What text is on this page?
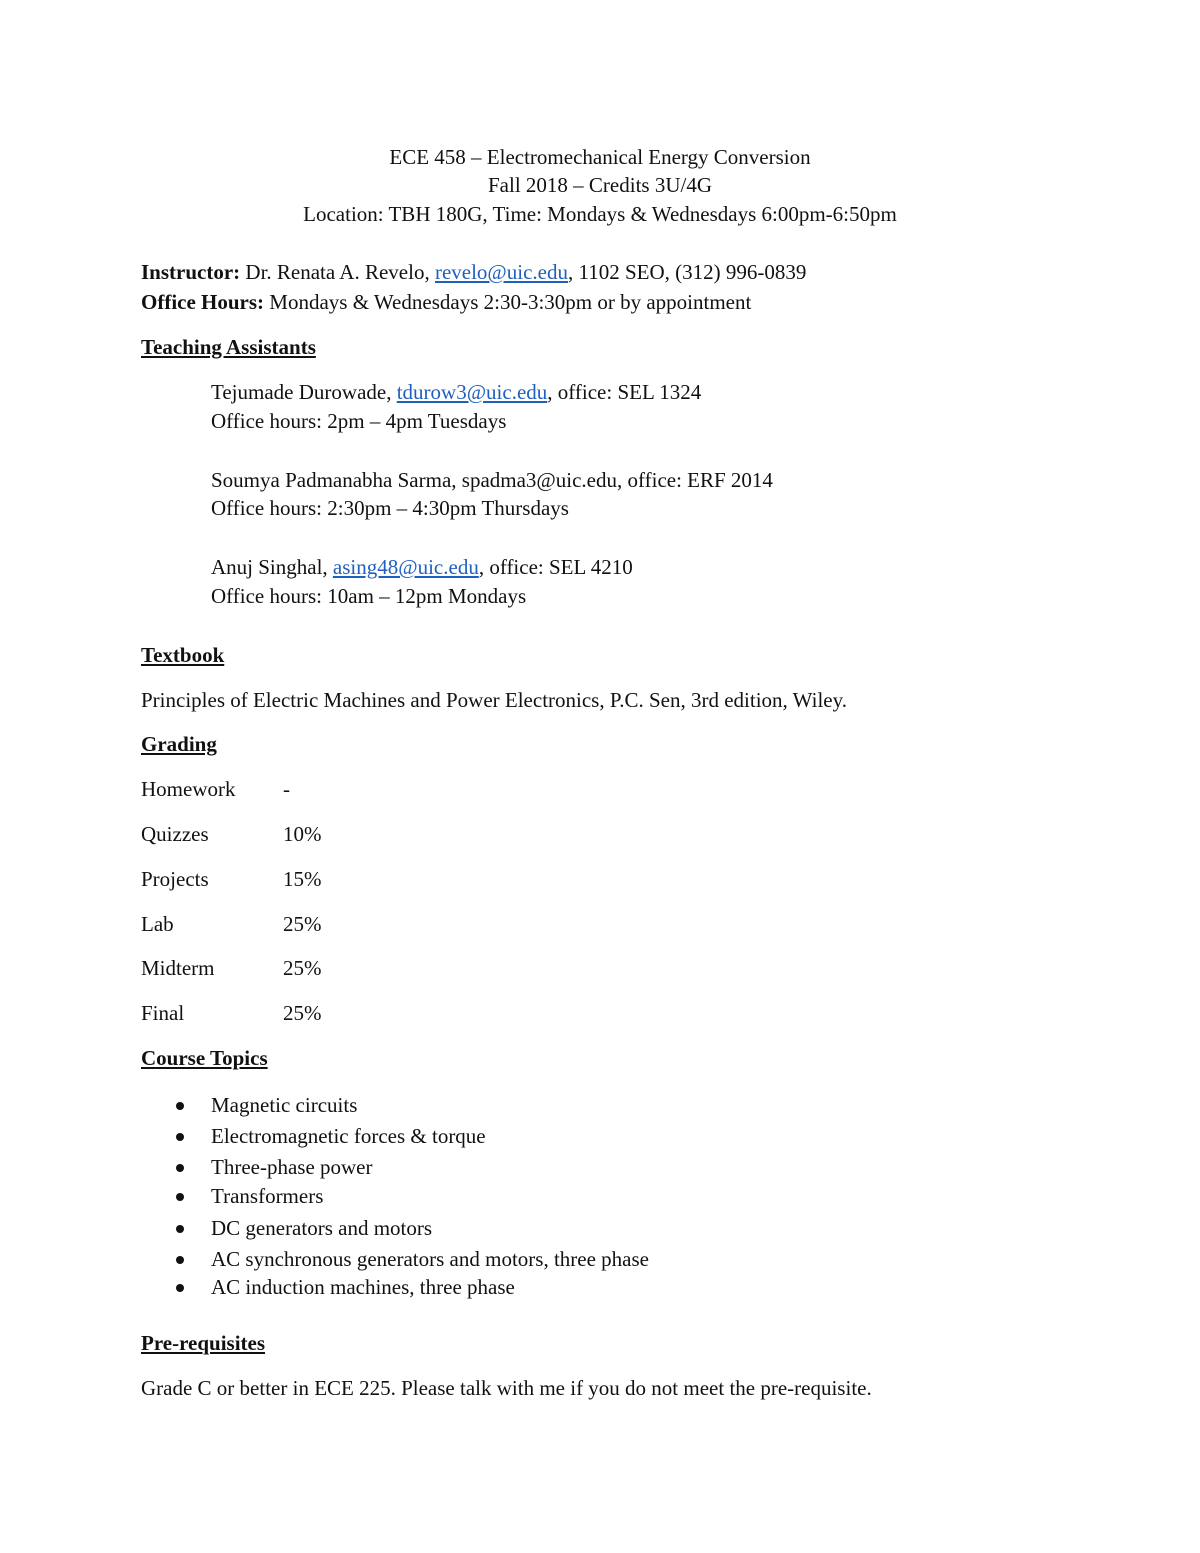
ECE 458 – Electromechanical Energy Conversion
Fall 2018 – Credits 3U/4G
Location: TBH 180G, Time: Mondays & Wednesdays 6:00pm-6:50pm
Instructor: Dr. Renata A. Revelo, revelo@uic.edu, 1102 SEO, (312) 996-0839
Office Hours: Mondays & Wednesdays 2:30-3:30pm or by appointment
Teaching Assistants
Tejumade Durowade, tdurow3@uic.edu, office: SEL 1324
Office hours: 2pm – 4pm Tuesdays
Soumya Padmanabha Sarma, spadma3@uic.edu, office: ERF 2014
Office hours: 2:30pm – 4:30pm Thursdays
Anuj Singhal, asing48@uic.edu, office: SEL 4210
Office hours: 10am – 12pm Mondays
Textbook
Principles of Electric Machines and Power Electronics, P.C. Sen, 3rd edition, Wiley.
Grading
Homework -
Quizzes	10%
Projects	15%
Lab	25%
Midterm	25%
Final	25%
Course Topics
Magnetic circuits
Electromagnetic forces & torque
Three-phase power
Transformers
DC generators and motors
AC synchronous generators and motors, three phase
AC induction machines, three phase
Pre-requisites
Grade C or better in ECE 225. Please talk with me if you do not meet the pre-requisite.
